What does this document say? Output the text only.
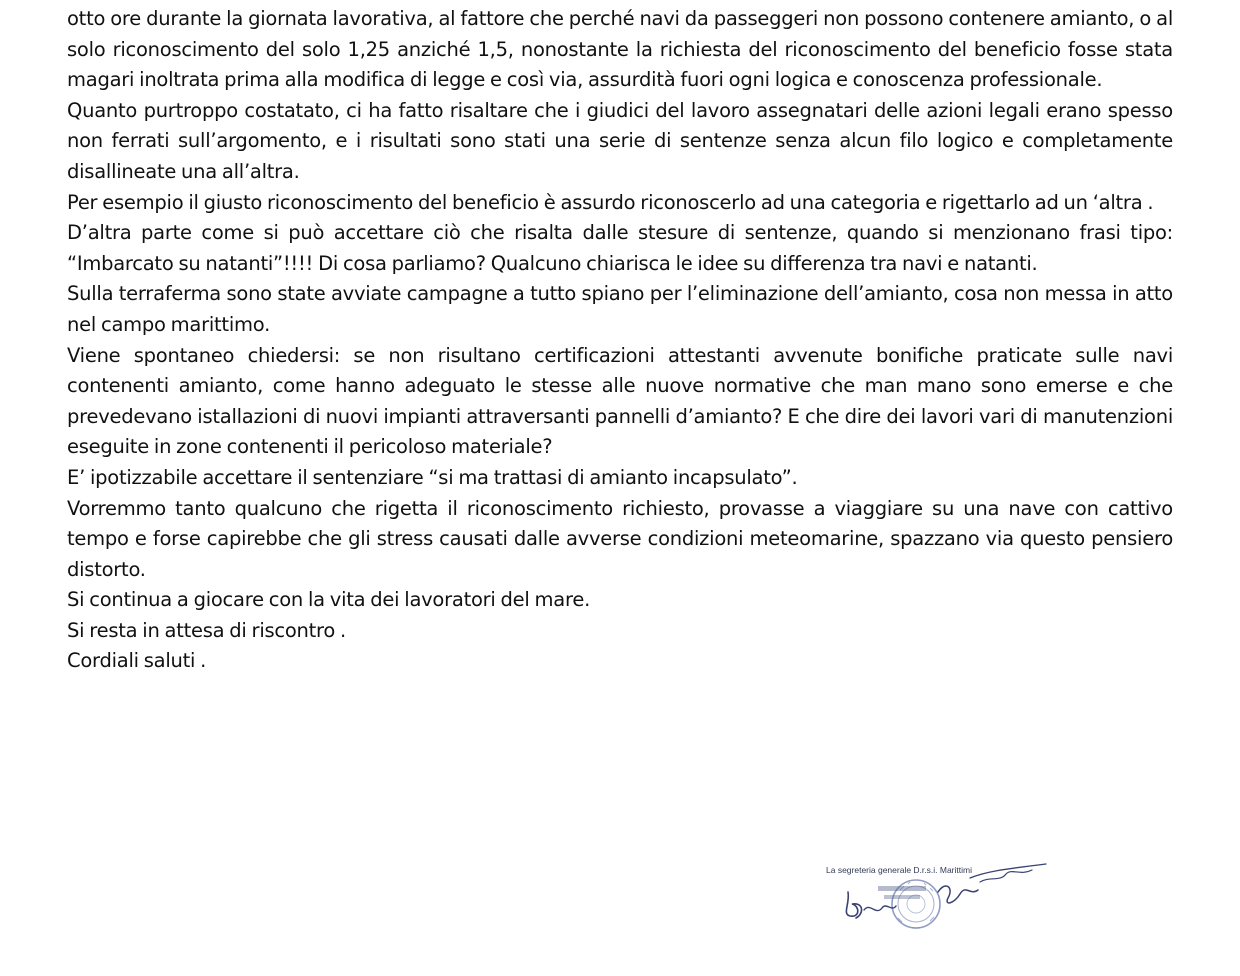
otto ore durante la giornata lavorativa, al fattore che perché navi da passeggeri non possono contenere amianto, o al solo riconoscimento del solo 1,25 anziché 1,5, nonostante la richiesta del riconoscimento del beneficio fosse stata magari inoltrata prima alla modifica di legge e così via, assurdità fuori ogni logica e conoscenza professionale.

Quanto purtroppo costatato, ci ha fatto risaltare che i giudici del lavoro assegnatari delle azioni legali erano spesso non ferrati sull’argomento, e i risultati sono stati una serie di sentenze senza alcun filo logico e completamente disallineate una all’altra.

Per esempio il giusto riconoscimento del beneficio è assurdo riconoscerlo ad una categoria e rigettarlo ad un ‘altra .

D’altra parte come si può accettare ciò che risalta dalle stesure di sentenze, quando si menzionano frasi tipo: “Imbarcato su natanti”!!!! Di cosa parliamo? Qualcuno chiarisca le idee su differenza tra navi e natanti.

Sulla terraferma sono state avviate campagne a tutto spiano per l’eliminazione dell’amianto, cosa non messa in atto nel campo marittimo.

Viene spontaneo chiedersi: se non risultano certificazioni attestanti avvenute bonifiche praticate sulle navi contenenti amianto, come hanno adeguato le stesse alle nuove normative che man mano sono emerse e che prevedevano istallazioni di nuovi impianti attraversanti pannelli d’amianto? E che dire dei lavori vari di manutenzioni eseguite in zone contenenti il pericoloso materiale?

E’ ipotizzabile accettare il sentenziare “si ma trattasi di amianto incapsulato”.

Vorremmo tanto qualcuno che rigetta il riconoscimento richiesto, provasse a viaggiare su una nave con cattivo tempo e forse capirebbe che gli stress causati dalle avverse condizioni meteomarine, spazzano via questo pensiero distorto.

Si continua a giocare con la vita dei lavoratori del mare.

Si resta in attesa di riscontro .

Cordiali saluti .

La segreteria generale D.r.s.i. Marittimi
